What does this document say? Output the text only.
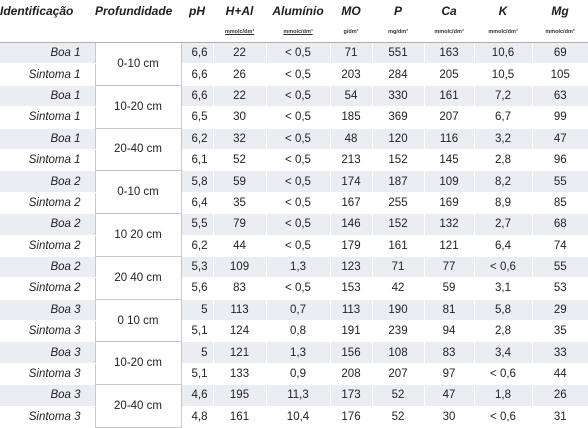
Identificação	Profundidade	pH	H+Al	Alumínio	MO	P	Ca	K	Mg
			mmolc/dm³	mmolc/dm³	g/dm³	mg/dm³	mmolc/dm³	mmolc/dm³	mmolc/dm³
Boa 1	0-10 cm	6,6	22	< 0,5	71	551	163	10,6	69
Sintoma 1		6,6	26	< 0,5	203	284	205	10,5	105
Boa 1	10-20 cm	6,6	22	< 0,5	54	330	161	7,2	63
Sintoma 1		6,5	30	< 0,5	185	369	207	6,7	99
Boa 1	20-40 cm	6,2	32	< 0,5	48	120	116	3,2	47
Sintoma 1		6,1	52	< 0,5	213	152	145	2,8	96
Boa 2	0-10 cm	5,8	59	< 0,5	174	187	109	8,2	55
Sintoma 2		6,4	35	< 0,5	167	255	169	8,9	85
Boa 2	10 20 cm	5,5	79	< 0,5	146	152	132	2,7	68
Sintoma 2		6,2	44	< 0,5	179	161	121	6,4	74
Boa 2	20 40 cm	5,3	109	1,3	123	71	77	< 0,6	55
Sintoma 2		5,6	83	< 0,5	153	42	59	3,1	53
Boa 3	0 10 cm	5	113	0,7	113	190	81	5,8	29
Sintoma 3		5,1	124	0,8	191	239	94	2,8	35
Boa 3	10-20 cm	5	121	1,3	156	108	83	3,4	33
Sintoma 3		5,1	133	0,9	208	207	97	< 0,6	44
Boa 3	20-40 cm	4,6	195	11,3	173	52	47	1,8	26
Sintoma 3		4,8	161	10,4	176	52	30	< 0,6	31
